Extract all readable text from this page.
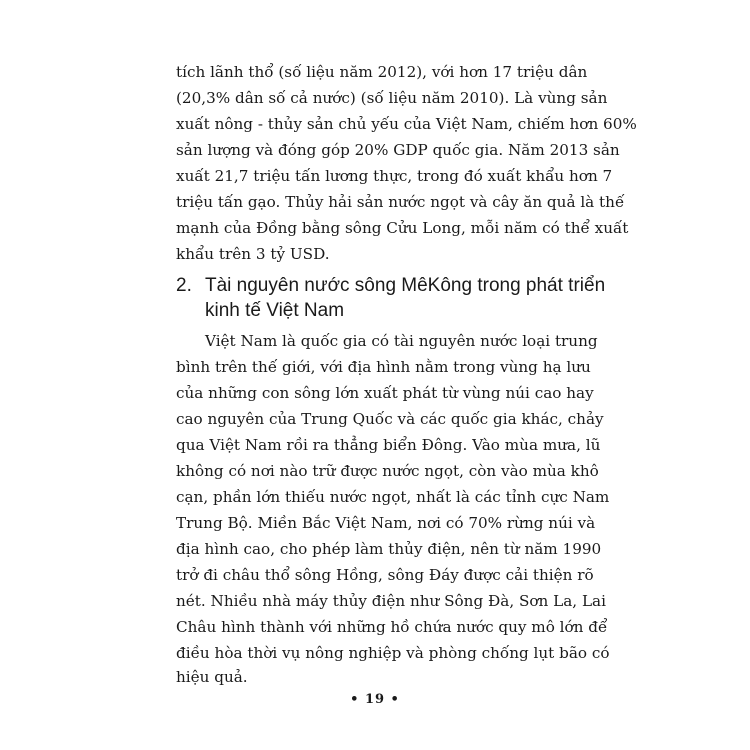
tích lãnh thổ (số liệu năm 2012), với hơn 17 triệu dân
(20,3% dân số cả nước) (số liệu năm 2010). Là vùng sản
xuất nông - thủy sản chủ yếu của Việt Nam, chiếm hơn 60%
sản lượng và đóng góp 20% GDP quốc gia. Năm 2013 sản
xuất 21,7 triệu tấn lương thực, trong đó xuất khẩu hơn 7
triệu tấn gạo. Thủy hải sản nước ngọt và cây ăn quả là thế
mạnh của Đồng bằng sông Cửu Long, mỗi năm có thể xuất
khẩu trên 3 tỷ USD.
2. Tài nguyên nước sông MêKông trong phát triển
kinh tế Việt Nam
Việt Nam là quốc gia có tài nguyên nước loại trung
bình trên thế giới, với địa hình nằm trong vùng hạ lưu
của những con sông lớn xuất phát từ vùng núi cao hay
cao nguyên của Trung Quốc và các quốc gia khác, chảy
qua Việt Nam rồi ra thẳng biển Đông. Vào mùa mưa, lũ
không có nơi nào trữ được nước ngọt, còn vào mùa khô
cạn, phần lớn thiếu nước ngọt, nhất là các tỉnh cực Nam
Trung Bộ. Miền Bắc Việt Nam, nơi có 70% rừng núi và
địa hình cao, cho phép làm thủy điện, nên từ năm 1990
trở đi châu thổ sông Hồng, sông Đáy được cải thiện rõ
nét. Nhiều nhà máy thủy điện như Sông Đà, Sơn La, Lai
Châu hình thành với những hồ chứa nước quy mô lớn để
điều hòa thời vụ nông nghiệp và phòng chống lụt bão có
hiệu quả.
• 19 •
